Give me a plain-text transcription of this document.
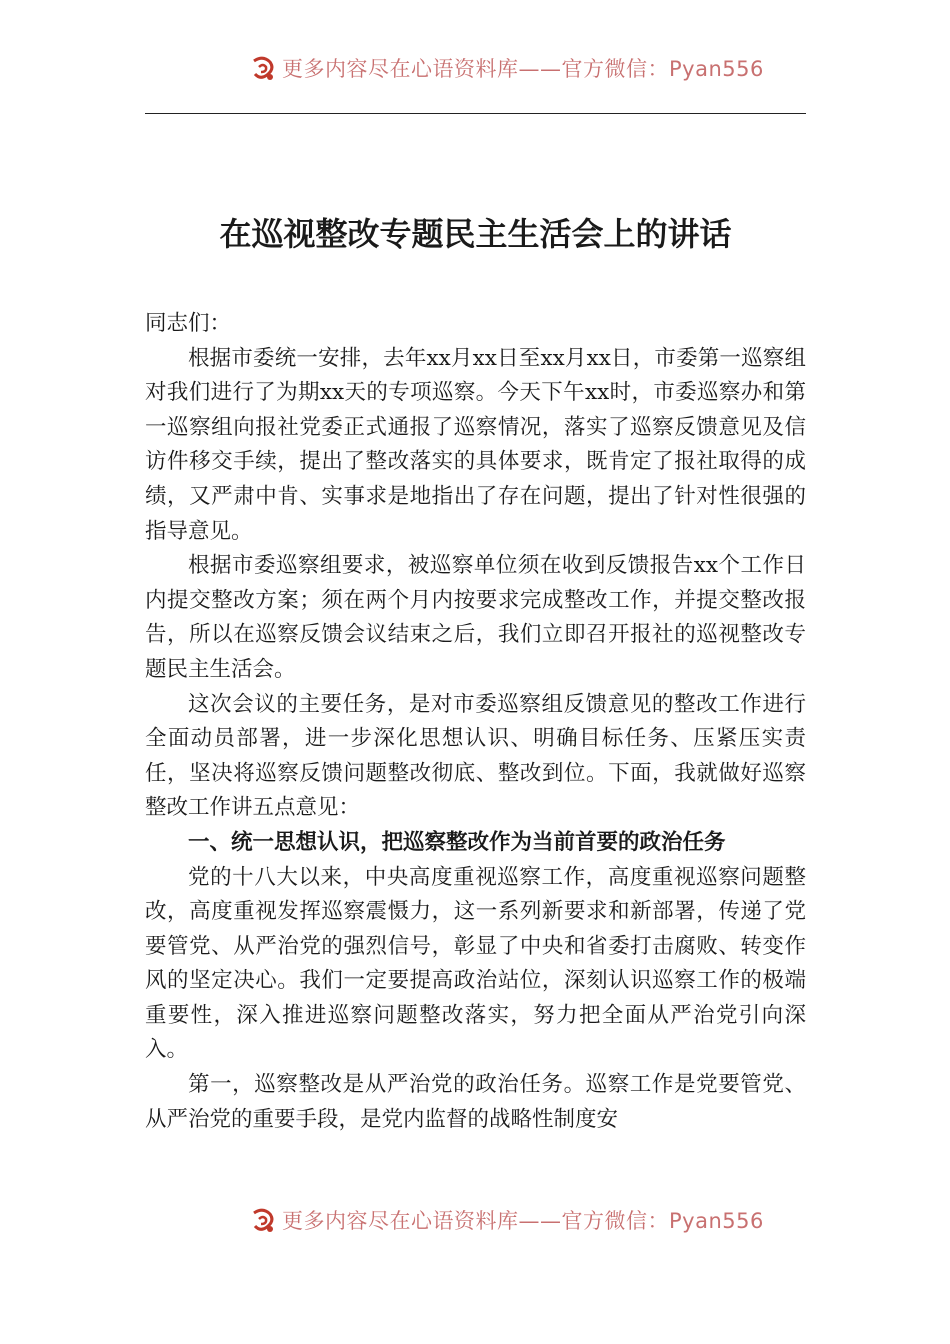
更多内容尽在心语资料库——官方微信：Pyan556
在巡视整改专题民主生活会上的讲话

同志们：

根据市委统一安排，去年xx月xx日至xx月xx日，市委第一巡察组对我们进行了为期xx天的专项巡察。今天下午xx时，市委巡察办和第一巡察组向报社党委正式通报了巡察情况，落实了巡察反馈意见及信访件移交手续，提出了整改落实的具体要求，既肯定了报社取得的成绩，又严肃中肯、实事求是地指出了存在问题，提出了针对性很强的指导意见。

根据市委巡察组要求，被巡察单位须在收到反馈报告xx个工作日内提交整改方案；须在两个月内按要求完成整改工作，并提交整改报告，所以在巡察反馈会议结束之后，我们立即召开报社的巡视整改专题民主生活会。

这次会议的主要任务，是对市委巡察组反馈意见的整改工作进行全面动员部署，进一步深化思想认识、明确目标任务、压紧压实责任，坚决将巡察反馈问题整改彻底、整改到位。下面，我就做好巡察整改工作讲五点意见：

一、统一思想认识，把巡察整改作为当前首要的政治任务

党的十八大以来，中央高度重视巡察工作，高度重视巡察问题整改，高度重视发挥巡察震慑力，这一系列新要求和新部署，传递了党要管党、从严治党的强烈信号，彰显了中央和省委打击腐败、转变作风的坚定决心。我们一定要提高政治站位，深刻认识巡察工作的极端重要性，深入推进巡察问题整改落实，努力把全面从严治党引向深入。

第一，巡察整改是从严治党的政治任务。巡察工作是党要管党、从严治党的重要手段，是党内监督的战略性制度安

更多内容尽在心语资料库——官方微信：Pyan556
